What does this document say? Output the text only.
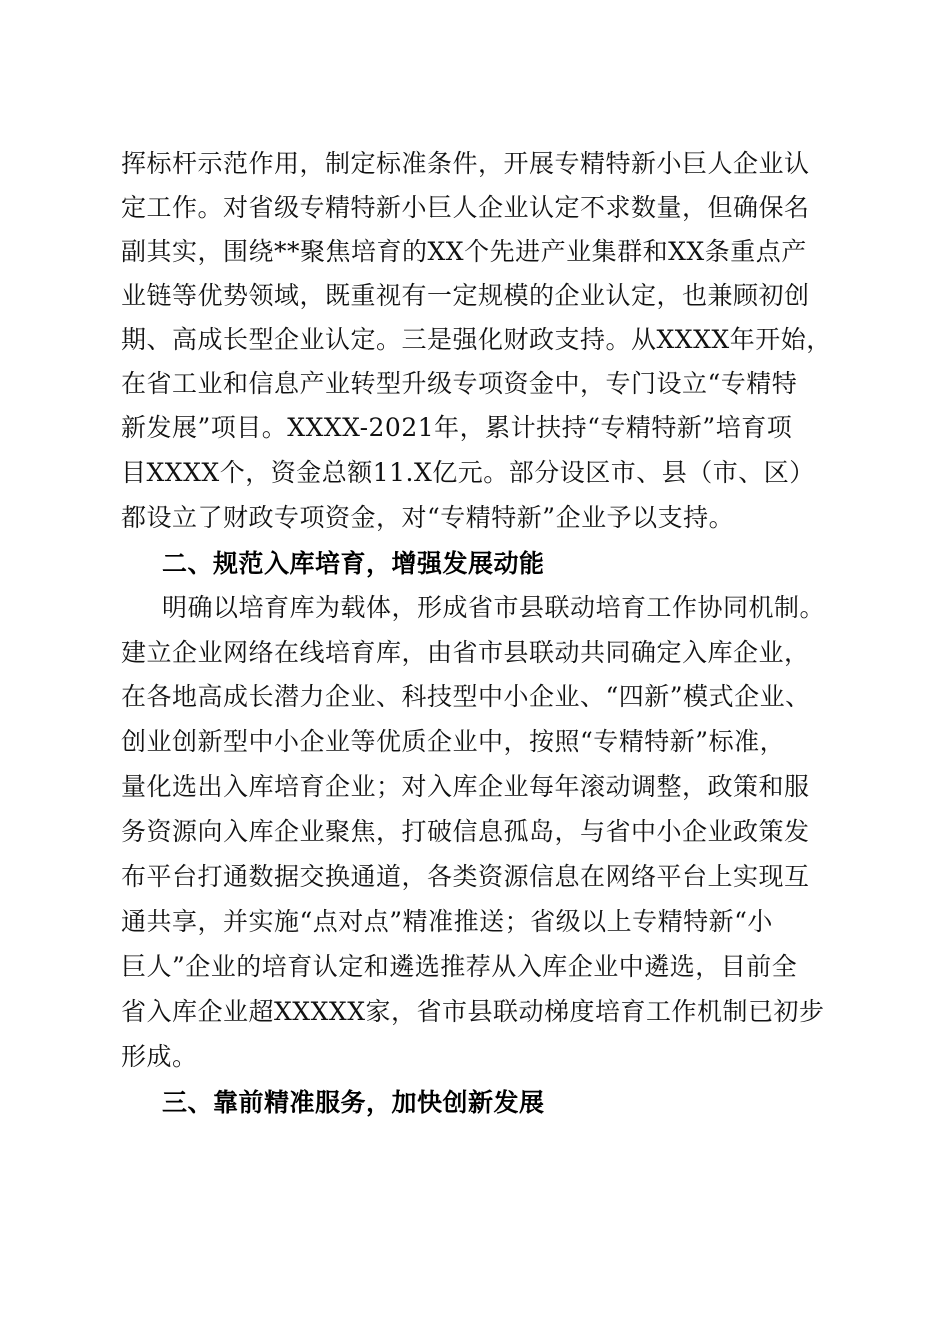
挥标杆示范作用，制定标准条件，开展专精特新小巨人企业认
定工作。对省级专精特新小巨人企业认定不求数量，但确保名
副其实，围绕**聚焦培育的XX个先进产业集群和XX条重点产
业链等优势领域，既重视有一定规模的企业认定，也兼顾初创
期、高成长型企业认定。三是强化财政支持。从XXXX年开始，
在省工业和信息产业转型升级专项资金中，专门设立“专精特
新发展”项目。XXXX-2021年，累计扶持“专精特新”培育项
目XXXX个，资金总额11.X亿元。部分设区市、县（市、区）
都设立了财政专项资金，对“专精特新”企业予以支持。
二、规范入库培育，增强发展动能
明确以培育库为载体，形成省市县联动培育工作协同机制。
建立企业网络在线培育库，由省市县联动共同确定入库企业，
在各地高成长潜力企业、科技型中小企业、“四新”模式企业、
创业创新型中小企业等优质企业中，按照“专精特新”标准，
量化选出入库培育企业；对入库企业每年滚动调整，政策和服
务资源向入库企业聚焦，打破信息孤岛，与省中小企业政策发
布平台打通数据交换通道，各类资源信息在网络平台上实现互
通共享，并实施“点对点”精准推送；省级以上专精特新“小
巨人”企业的培育认定和遴选推荐从入库企业中遴选，目前全
省入库企业超XXXXX家，省市县联动梯度培育工作机制已初步
形成。
三、靠前精准服务，加快创新发展
